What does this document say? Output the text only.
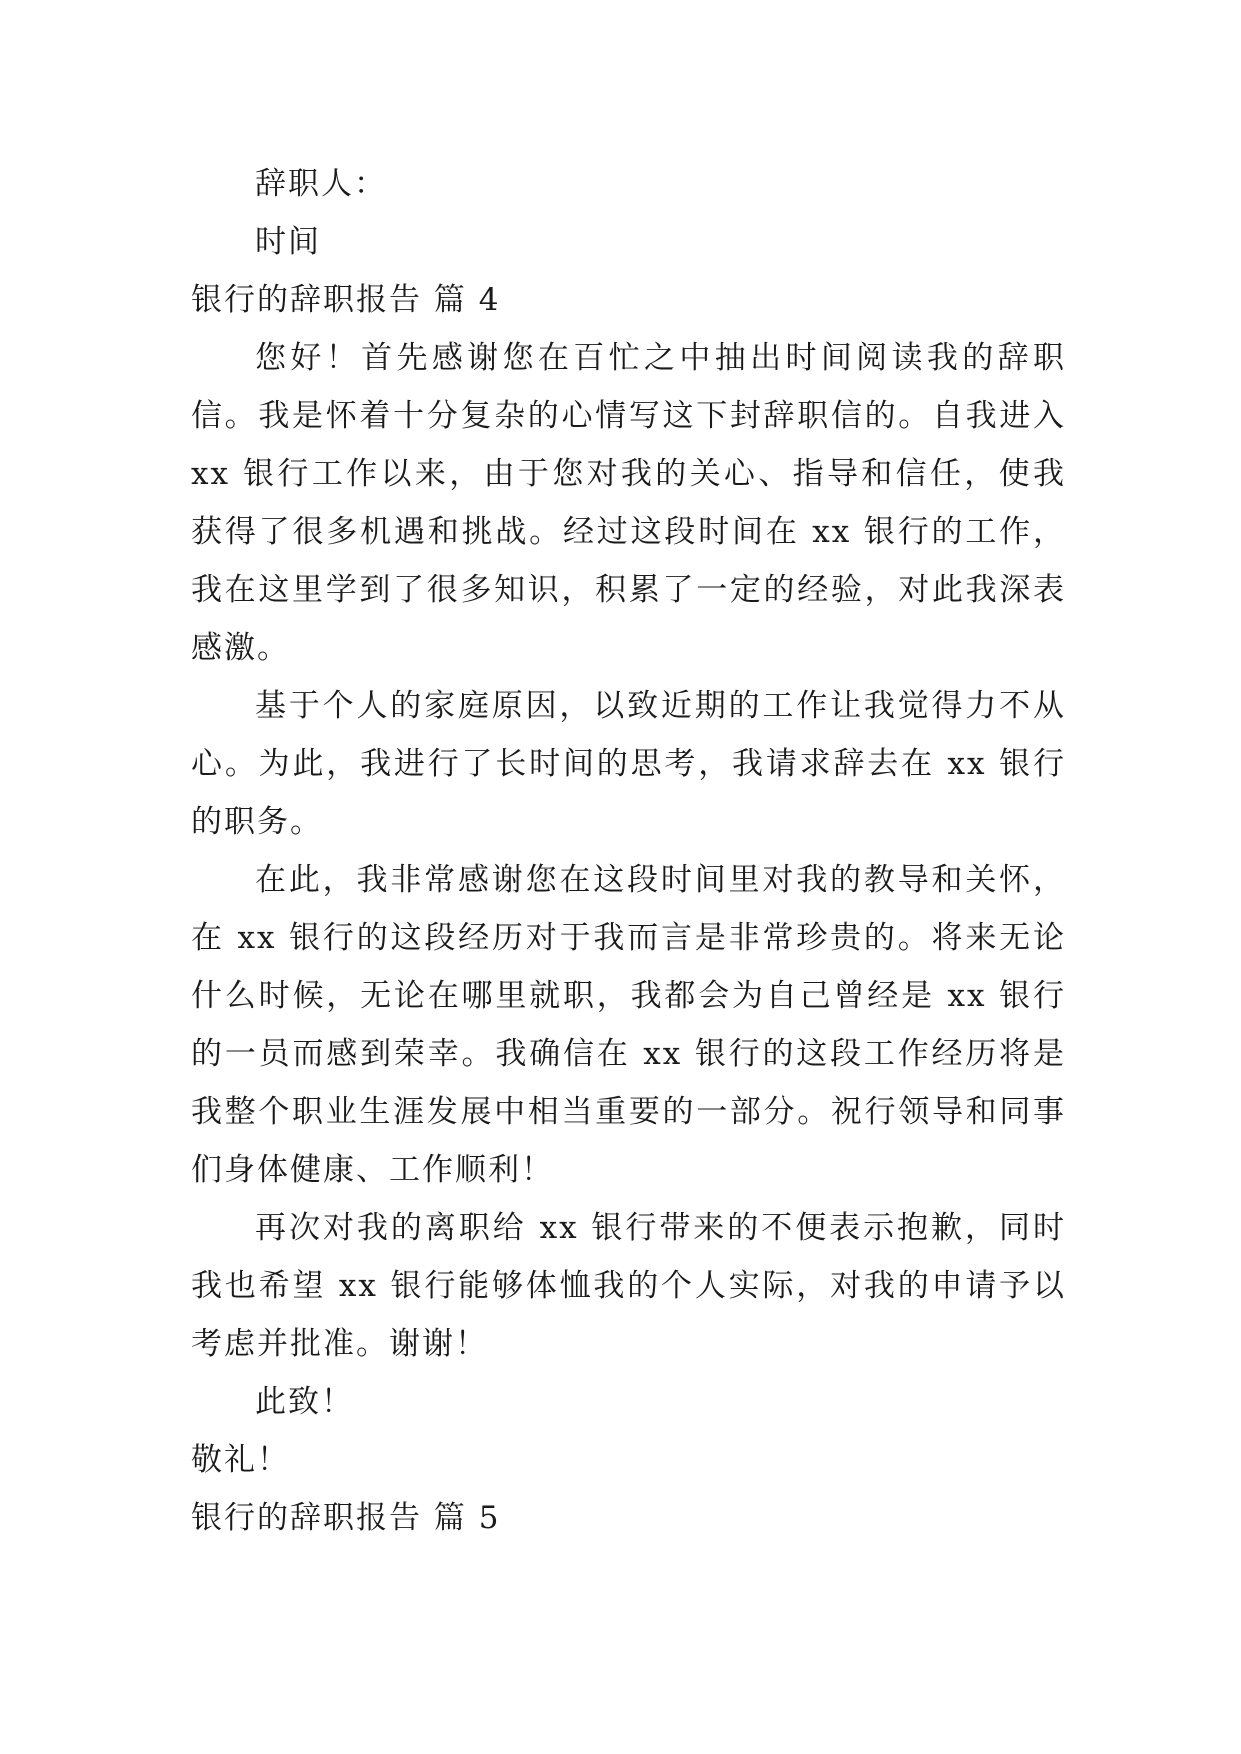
辞职人：

时间

银行的辞职报告 篇 4

您好！首先感谢您在百忙之中抽出时间阅读我的辞职信。我是怀着十分复杂的心情写这下封辞职信的。自我进入 xx 银行工作以来，由于您对我的关心、指导和信任，使我获得了很多机遇和挑战。经过这段时间在 xx 银行的工作，我在这里学到了很多知识，积累了一定的经验，对此我深表感激。

基于个人的家庭原因，以致近期的工作让我觉得力不从心。为此，我进行了长时间的思考，我请求辞去在 xx 银行的职务。

在此，我非常感谢您在这段时间里对我的教导和关怀，在 xx 银行的这段经历对于我而言是非常珍贵的。将来无论什么时候，无论在哪里就职，我都会为自己曾经是 xx 银行的一员而感到荣幸。我确信在 xx 银行的这段工作经历将是我整个职业生涯发展中相当重要的一部分。祝行领导和同事们身体健康、工作顺利！

再次对我的离职给 xx 银行带来的不便表示抱歉，同时我也希望 xx 银行能够体恤我的个人实际，对我的申请予以考虑并批准。谢谢！

此致！

敬礼！

银行的辞职报告 篇 5
